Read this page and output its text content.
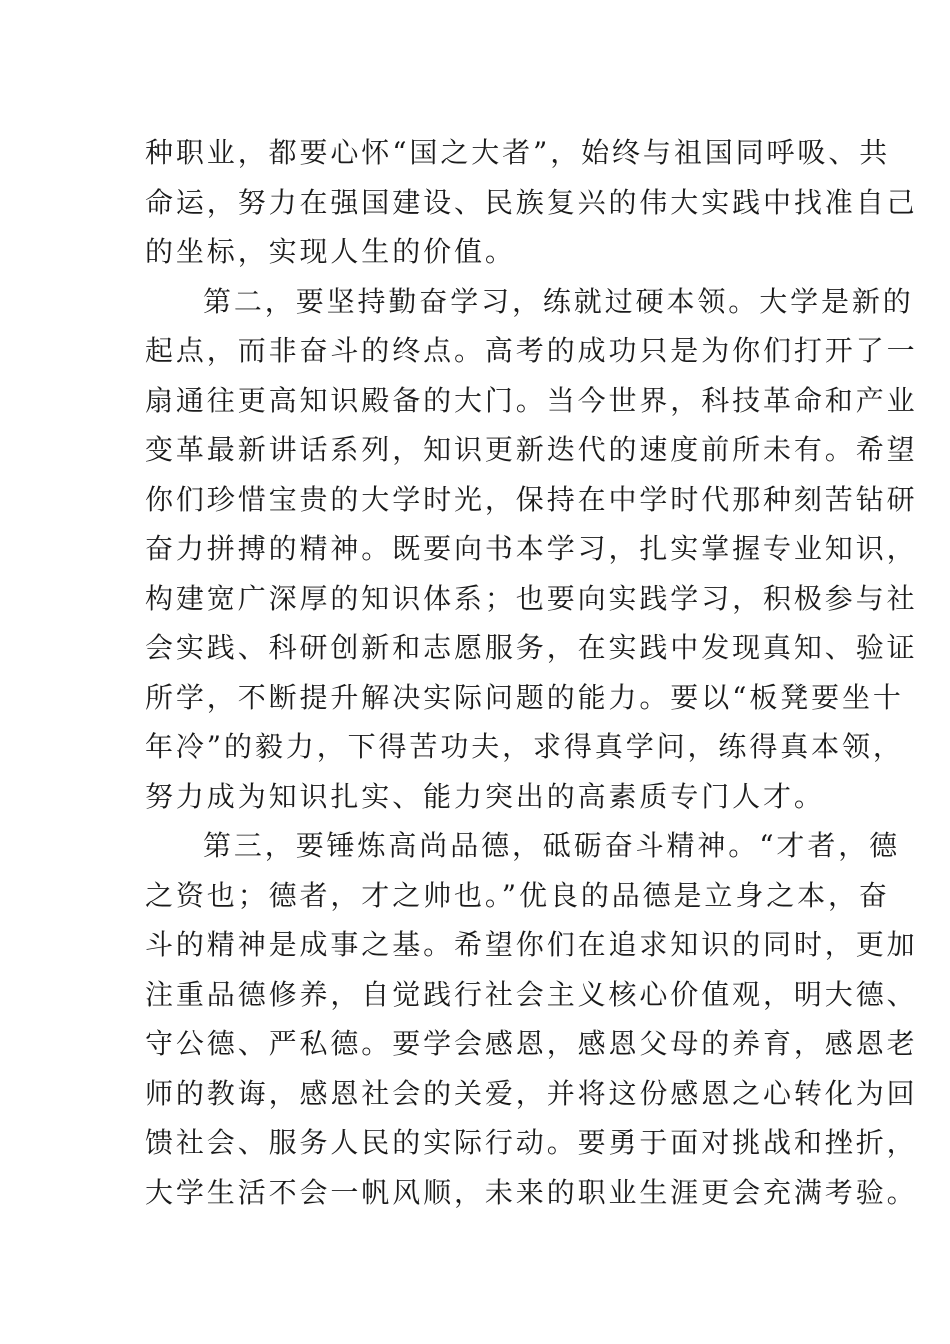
种职业，都要心怀“国之大者”，始终与祖国同呼吸、共
命运，努力在强国建设、民族复兴的伟大实践中找准自己
的坐标，实现人生的价值。
第二，要坚持勤奋学习，练就过硬本领。大学是新的
起点，而非奋斗的终点。高考的成功只是为你们打开了一
扇通往更高知识殿备的大门。当今世界，科技革命和产业
变革最新讲话系列，知识更新迭代的速度前所未有。希望
你们珍惜宝贵的大学时光，保持在中学时代那种刻苦钻研
奋力拼搏的精神。既要向书本学习，扎实掌握专业知识，
构建宽广深厚的知识体系；也要向实践学习，积极参与社
会实践、科研创新和志愿服务，在实践中发现真知、验证
所学，不断提升解决实际问题的能力。要以“板凳要坐十
年冷”的毅力，下得苦功夫，求得真学问，练得真本领，
努力成为知识扎实、能力突出的高素质专门人才。
第三，要锤炼高尚品德，砥砺奋斗精神。“才者，德
之资也；德者，才之帅也。”优良的品德是立身之本，奋
斗的精神是成事之基。希望你们在追求知识的同时，更加
注重品德修养，自觉践行社会主义核心价值观，明大德、
守公德、严私德。要学会感恩，感恩父母的养育，感恩老
师的教诲，感恩社会的关爱，并将这份感恩之心转化为回
馈社会、服务人民的实际行动。要勇于面对挑战和挫折，
大学生活不会一帆风顺，未来的职业生涯更会充满考验。
